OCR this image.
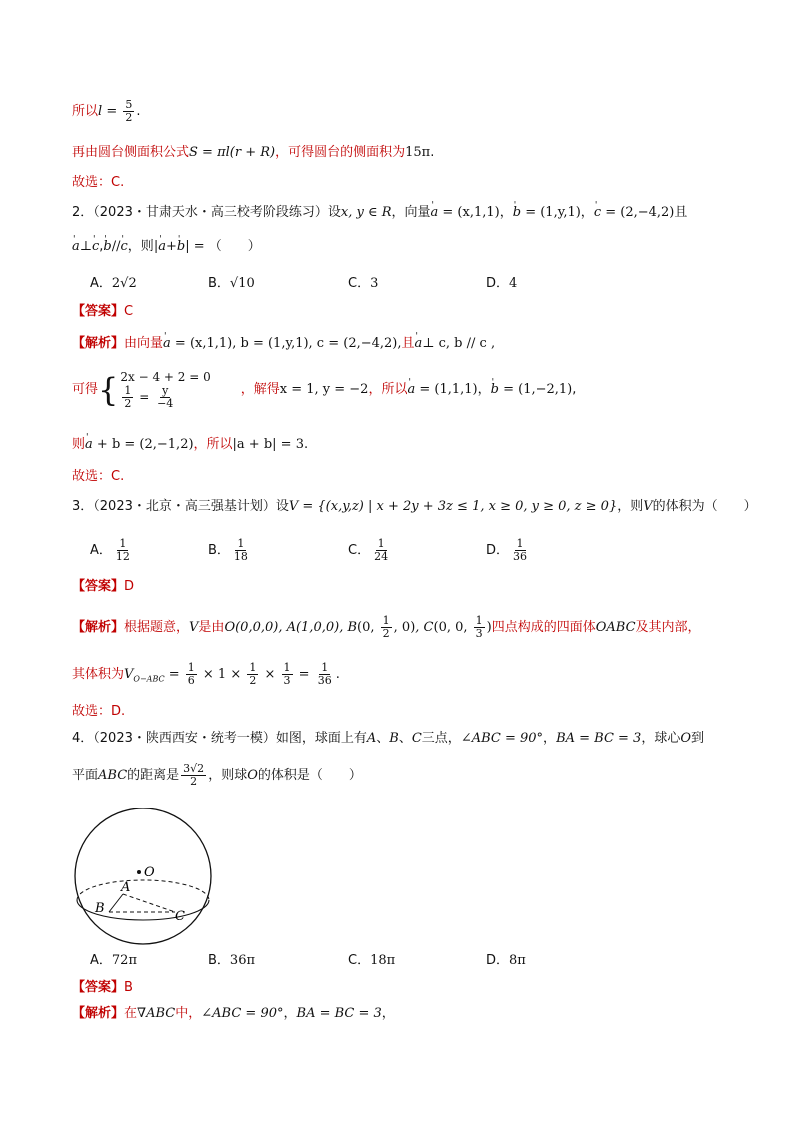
所以$l = \frac{5}{2}$ .
再由圆台侧面积公式S = πl(r + R)，可得圆台的侧面积为15π.
故选：C.
2．（2023・甘肃天水・高三校考阶段练习）设x, y ∈ R，向量' a = (x,1,1)，' b = (1,y,1)，' c = (2,−4,2)且
' a⊥' c,' b//' c，则|' a+' b| = （　　）
A．2√2	B．√10	C．3	D．4
【答案】C
【解析】由向量' a = (x,1,1), b = (1,y,1), c = (2,−4,2),且' a⊥ c, b // c ,
可得 { 2x − 4 + 2 = 0
$\frac{1}{2} = \frac{y}{-4}$	，解得x = 1, y = −2，所以' a = (1,1,1)，' b = (1,−2,1),
则' a + b = (2,−1,2)，所以|a + b| = 3.
故选：C.
3．（2023・北京・高三强基计划）设V = {(x,y,z) | x + 2y + 3z ≤ 1, x ≥ 0, y ≥ 0, z ≥ 0}，则V的体积为（　　）
A． $\frac{1}{12}$	B． $\frac{1}{18}$	C． $\frac{1}{24}$	D． $\frac{1}{36}$
【答案】D
【解析】根据题意，V是由O(0,0,0), A(1,0,0), B(0, $\frac{1}{2}$ , 0), C(0, 0, $\frac{1}{3}$ )四点构成的四面体OABC及其内部，
其体积为$V_{O-ABC} = \frac{1}{6} \times 1 \times \frac{1}{2} \times \frac{1}{3} = \frac{1}{36}$ .
故选：D.
4．（2023・陕西西安・统考一模）如图，球面上有A、B、C三点，∠ABC = 90°，BA = BC = 3，球心O到
平面ABC的距离是 $\frac{3√2}{2}$ ，则球O的体积是（　　）
O
A
B
C
A．72π	B．36π	C．18π	D．8π
【答案】B
【解析】在∇ABC中，∠ABC = 90°，BA = BC = 3，
